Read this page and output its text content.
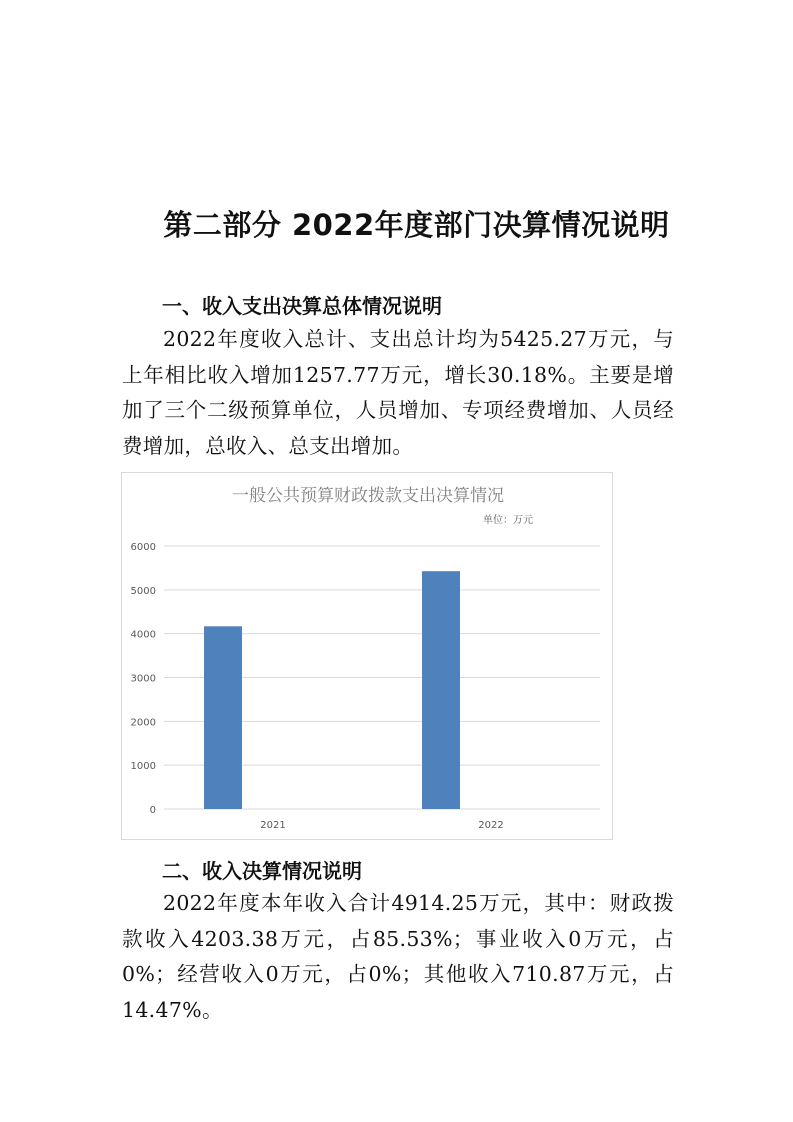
第二部分 2022年度部门决算情况说明
一、收入支出决算总体情况说明
2022年度收入总计、支出总计均为5425.27万元，与上年相比收入增加1257.77万元，增长30.18%。主要是增加了三个二级预算单位，人员增加、专项经费增加、人员经费增加，总收入、总支出增加。
一般公共预算财政拨款支出决算情况
单位：万元
0
1000
2000
3000
4000
5000
6000
2021	2022
二、收入决算情况说明
2022年度本年收入合计4914.25万元，其中：财政拨款收入4203.38万元，占85.53%；事业收入0万元，占0%；经营收入0万元，占0%；其他收入710.87万元，占14.47%。
